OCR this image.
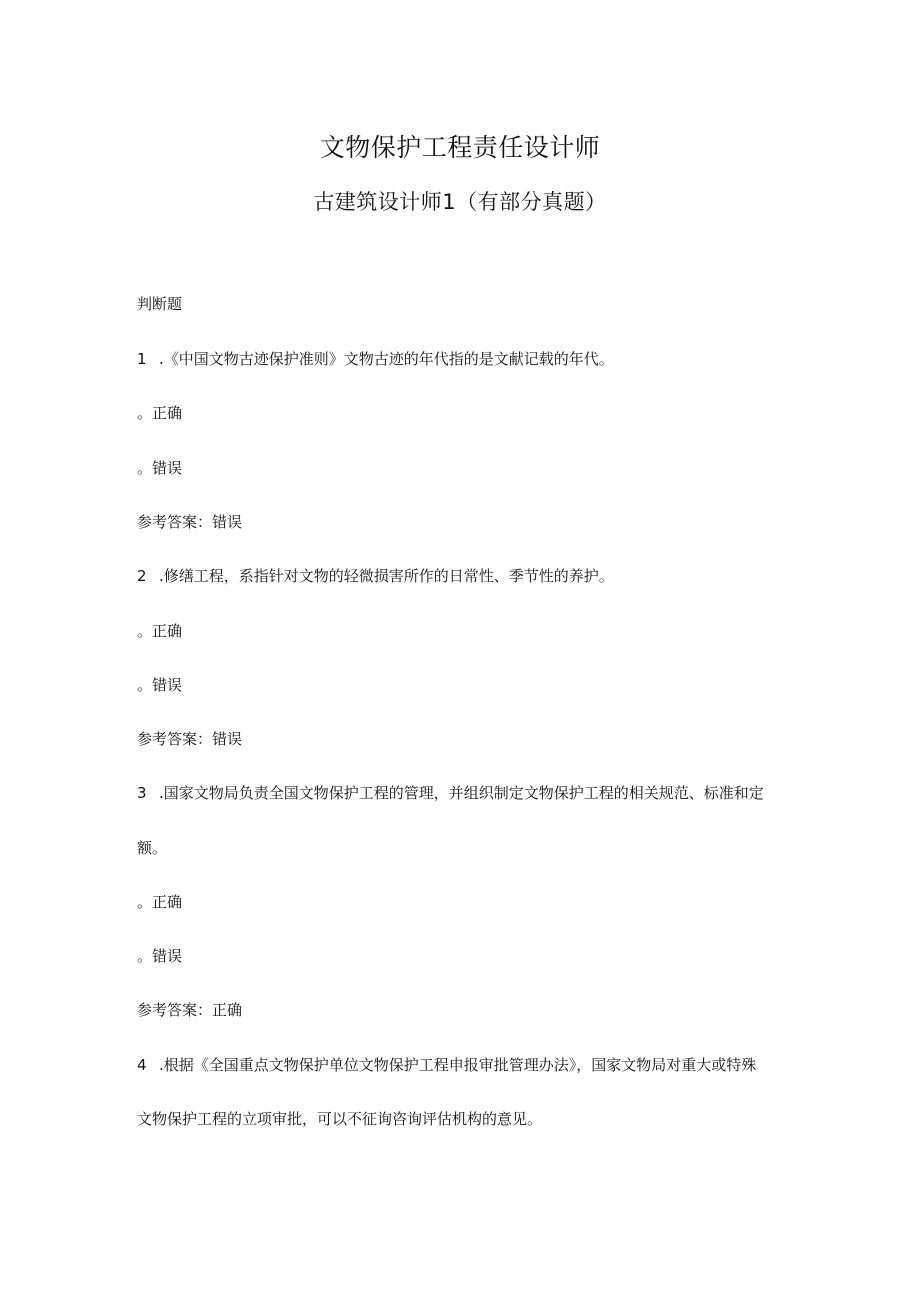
文物保护工程责任设计师
古建筑设计师1（有部分真题）
判断题
1 .《中国文物古迹保护准则》文物古迹的年代指的是文献记载的年代。
。正确
。错误
参考答案：错误
2 .修缮工程，系指针对文物的轻微损害所作的日常性、季节性的养护。
。正确
。错误
参考答案：错误
3 .国家文物局负责全国文物保护工程的管理，并组织制定文物保护工程的相关规范、标准和定
额。
。正确
。错误
参考答案：正确
4 .根据《全国重点文物保护单位文物保护工程申报审批管理办法》，国家文物局对重大或特殊
文物保护工程的立项审批，可以不征询咨询评估机构的意见。
